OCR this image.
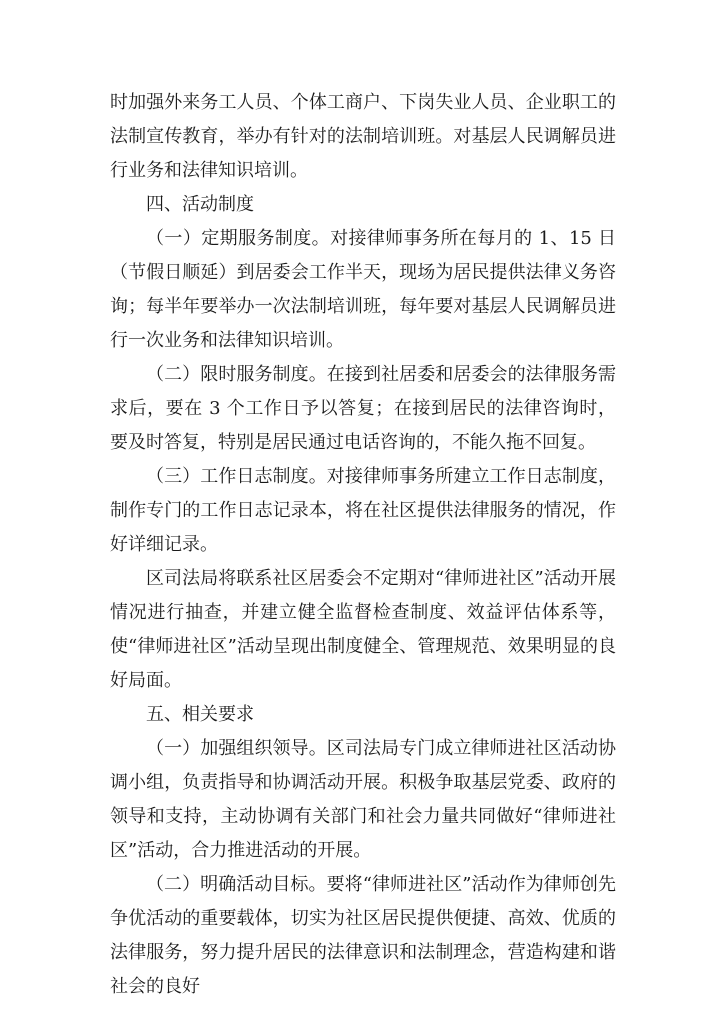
时加强外来务工人员、个体工商户、下岗失业人员、企业职工的法制宣传教育，举办有针对的法制培训班。对基层人民调解员进行业务和法律知识培训。

四、活动制度

（一）定期服务制度。对接律师事务所在每月的 1、15 日（节假日顺延）到居委会工作半天，现场为居民提供法律义务咨询；每半年要举办一次法制培训班，每年要对基层人民调解员进行一次业务和法律知识培训。

（二）限时服务制度。在接到社居委和居委会的法律服务需求后，要在 3 个工作日予以答复；在接到居民的法律咨询时，要及时答复，特别是居民通过电话咨询的，不能久拖不回复。

（三）工作日志制度。对接律师事务所建立工作日志制度，制作专门的工作日志记录本，将在社区提供法律服务的情况，作好详细记录。

区司法局将联系社区居委会不定期对“律师进社区”活动开展情况进行抽查，并建立健全监督检查制度、效益评估体系等，使“律师进社区”活动呈现出制度健全、管理规范、效果明显的良好局面。

五、相关要求

（一）加强组织领导。区司法局专门成立律师进社区活动协调小组，负责指导和协调活动开展。积极争取基层党委、政府的领导和支持，主动协调有关部门和社会力量共同做好“律师进社区”活动，合力推进活动的开展。

（二）明确活动目标。要将“律师进社区”活动作为律师创先争优活动的重要载体，切实为社区居民提供便捷、高效、优质的法律服务，努力提升居民的法律意识和法制理念，营造构建和谐社会的良好
